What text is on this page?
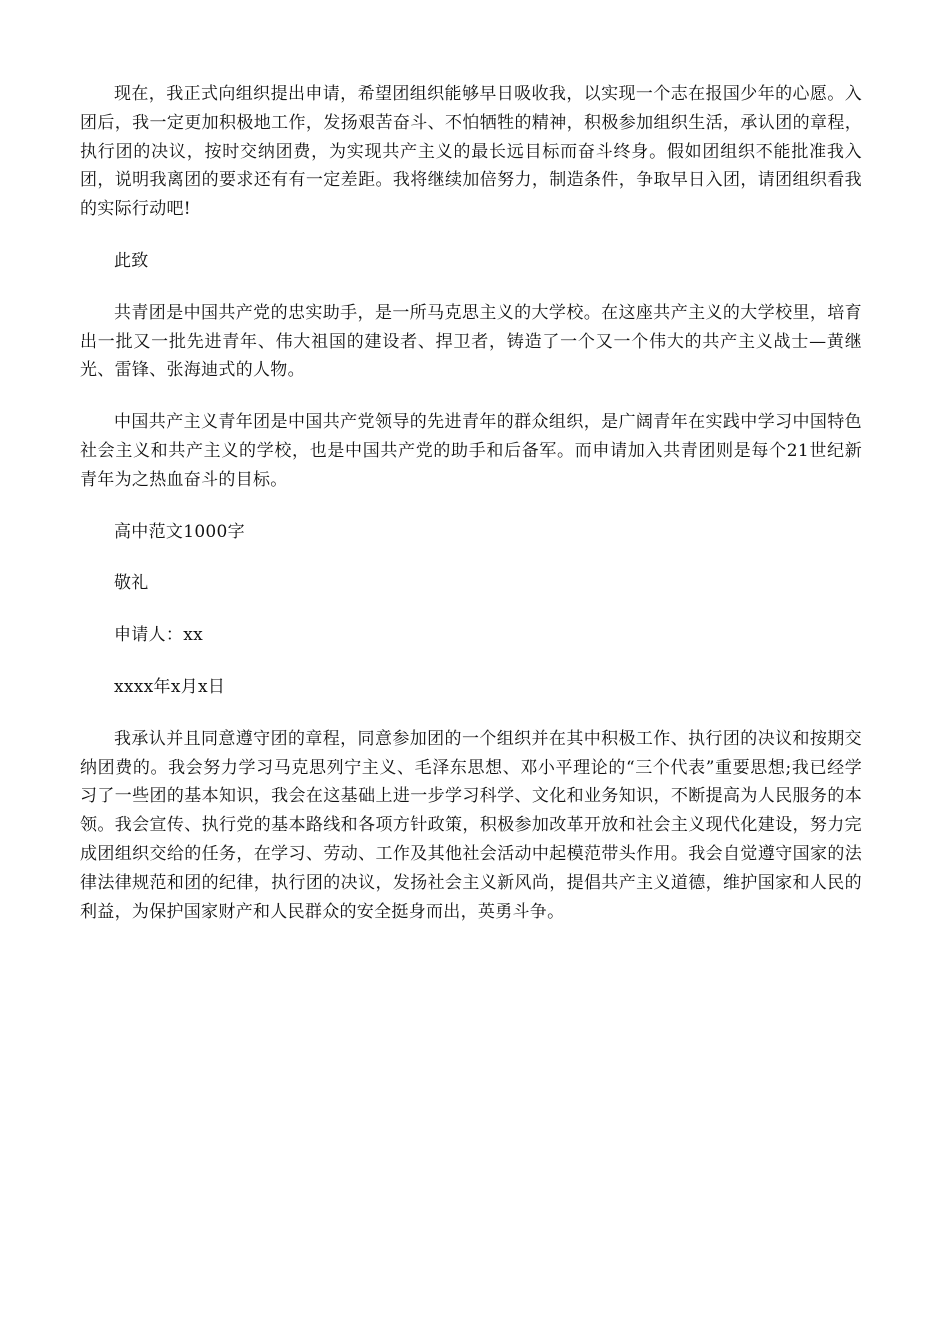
现在，我正式向组织提出申请，希望团组织能够早日吸收我，以实现一个志在报国少年的心愿。入团后，我一定更加积极地工作，发扬艰苦奋斗、不怕牺牲的精神，积极参加组织生活，承认团的章程，执行团的决议，按时交纳团费，为实现共产主义的最长远目标而奋斗终身。假如团组织不能批准我入团，说明我离团的要求还有有一定差距。我将继续加倍努力，制造条件，争取早日入团，请团组织看我的实际行动吧!
此致
共青团是中国共产党的忠实助手，是一所马克思主义的大学校。在这座共产主义的大学校里，培育出一批又一批先进青年、伟大祖国的建设者、捍卫者，铸造了一个又一个伟大的共产主义战士—黄继光、雷锋、张海迪式的人物。
中国共产主义青年团是中国共产党领导的先进青年的群众组织，是广阔青年在实践中学习中国特色社会主义和共产主义的学校，也是中国共产党的助手和后备军。而申请加入共青团则是每个21世纪新青年为之热血奋斗的目标。
高中范文1000字
敬礼
申请人：xx
xxxx年x月x日
我承认并且同意遵守团的章程，同意参加团的一个组织并在其中积极工作、执行团的决议和按期交纳团费的。我会努力学习马克思列宁主义、毛泽东思想、邓小平理论的“三个代表”重要思想;我已经学习了一些团的基本知识，我会在这基础上进一步学习科学、文化和业务知识，不断提高为人民服务的本领。我会宣传、执行党的基本路线和各项方针政策，积极参加改革开放和社会主义现代化建设，努力完成团组织交给的任务，在学习、劳动、工作及其他社会活动中起模范带头作用。我会自觉遵守国家的法律法律规范和团的纪律，执行团的决议，发扬社会主义新风尚，提倡共产主义道德，维护国家和人民的利益，为保护国家财产和人民群众的安全挺身而出，英勇斗争。
